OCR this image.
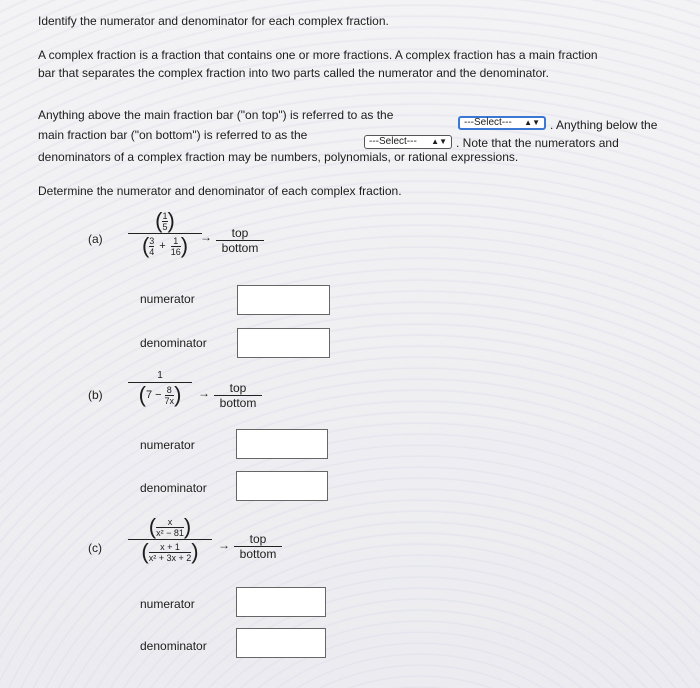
Identify the numerator and denominator for each complex fraction.
A complex fraction is a fraction that contains one or more fractions. A complex fraction has a main fraction
bar that separates the complex fraction into two parts called the numerator and the denominator.
Anything above the main fraction bar ("on top") is referred to as the
---Select--- ▲▼ . Anything below the
main fraction bar ("on bottom") is referred to as the	---Select--- ▲▼ . Note that the numerators and
denominators of a complex fraction may be numbers, polynomials, or rational expressions.
Determine the numerator and denominator of each complex fraction.
(a)
( 1
5 )
( 3
4 + 1
16 ) → top
bottom
numerator
denominator
(b)
1
( 7 − 8
7x ) → top
bottom
numerator
denominator
(c)
( x
x² − 81 )
( x + 1
x² + 3x + 2 ) → top
bottom
numerator
denominator
